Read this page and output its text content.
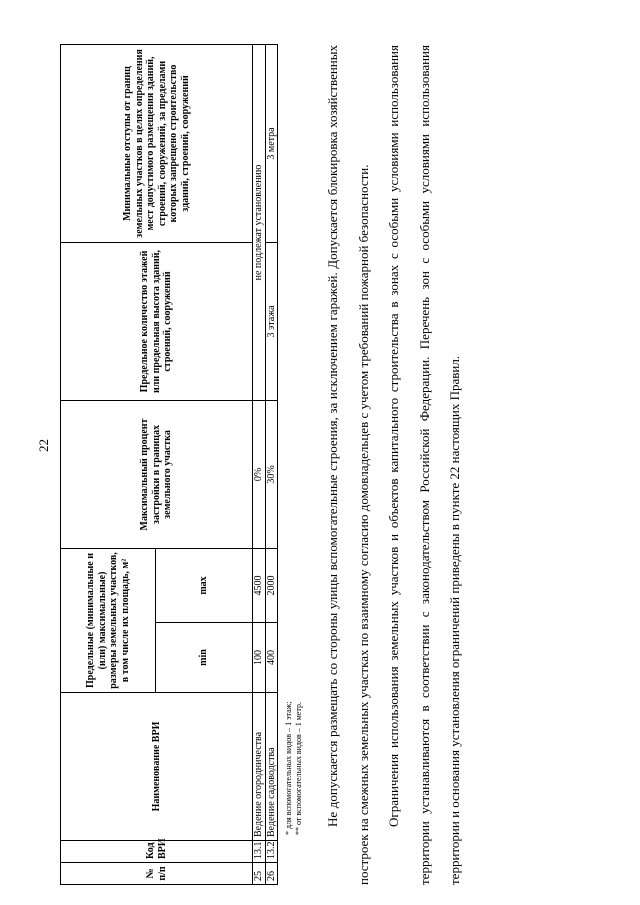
22
№ п/п	Код ВРИ	Наименование ВРИ	Предельные (минимальные и (или) максимальные) размеры земельных участков, в том числе их площадь, м²		Максимальный процент застройки в границах земельного участка	Предельное количество этажей или предельная высота зданий, строений, сооружений	Минимальные отступы от границ земельных участков в целях определения мест допустимого размещения зданий, строений, сооружений, за пределами которых запрещено строительство зданий, строений, сооружений
			min	max			
25	13.1	Ведение огородничества	100	4500	0%	не подлежат установлению	
26	13.2	Ведение садоводства	400	2000	30%	3 этажа	3 метра
* для вспомогательных видов – 1 этаж; ** от вспомогательных видов – 1 метр.	Не допускается размещать со стороны улицы вспомогательные строения, за исключением гаражей. Допускается блокировка хозяйственных построек на смежных земельных участках по взаимному согласию домовладельцев с учетом требований пожарной безопасности.	Ограничения использования земельных участков и объектов капитального строительства в зонах с особыми условиями использования территории устанавливаются в соответствии с законодательством Российской Федерации. Перечень зон с особыми условиями использования территории и основания установления ограничений приведены в пункте 22 настоящих Правил.
